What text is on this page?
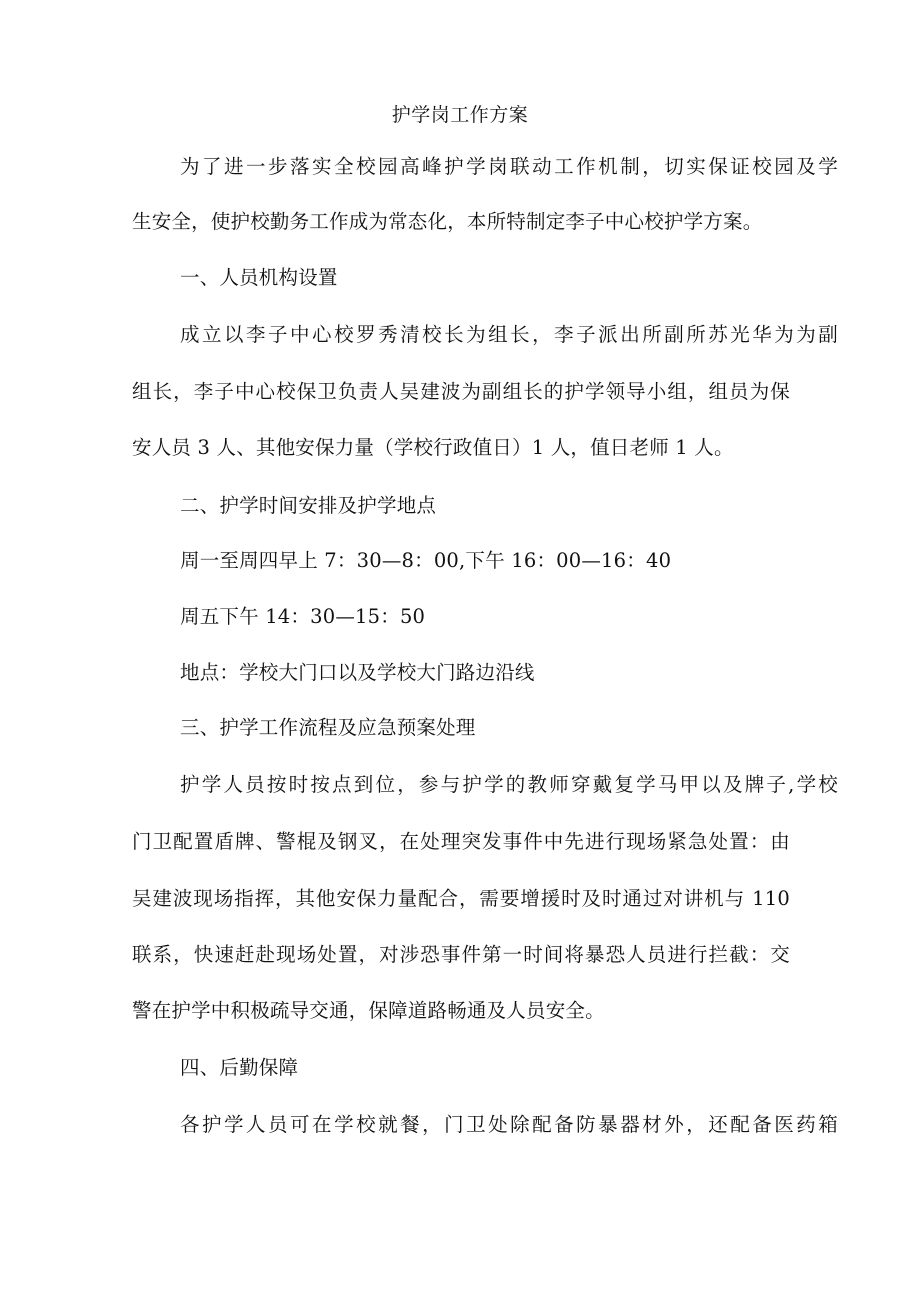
护学岗工作方案
为了进一步落实全校园高峰护学岗联动工作机制，切实保证校园及学
生安全，使护校勤务工作成为常态化，本所特制定李子中心校护学方案。
一、人员机构设置
成立以李子中心校罗秀清校长为组长，李子派出所副所苏光华为为副
组长，李子中心校保卫负责人吴建波为副组长的护学领导小组，组员为保
安人员 3 人、其他安保力量（学校行政值日）1 人，值日老师 1 人。
二、护学时间安排及护学地点
周一至周四早上 7：30—8：00,下午 16：00—16：40
周五下午 14：30—15：50
地点：学校大门口以及学校大门路边沿线
三、护学工作流程及应急预案处理
护学人员按时按点到位，参与护学的教师穿戴复学马甲以及牌子,学校
门卫配置盾牌、警棍及钢叉，在处理突发事件中先进行现场紧急处置：由
吴建波现场指挥，其他安保力量配合，需要增援时及时通过对讲机与 110
联系，快速赶赴现场处置，对涉恐事件第一时间将暴恐人员进行拦截：交
警在护学中积极疏导交通，保障道路畅通及人员安全。
四、后勤保障
各护学人员可在学校就餐，门卫处除配备防暴器材外，还配备医药箱
